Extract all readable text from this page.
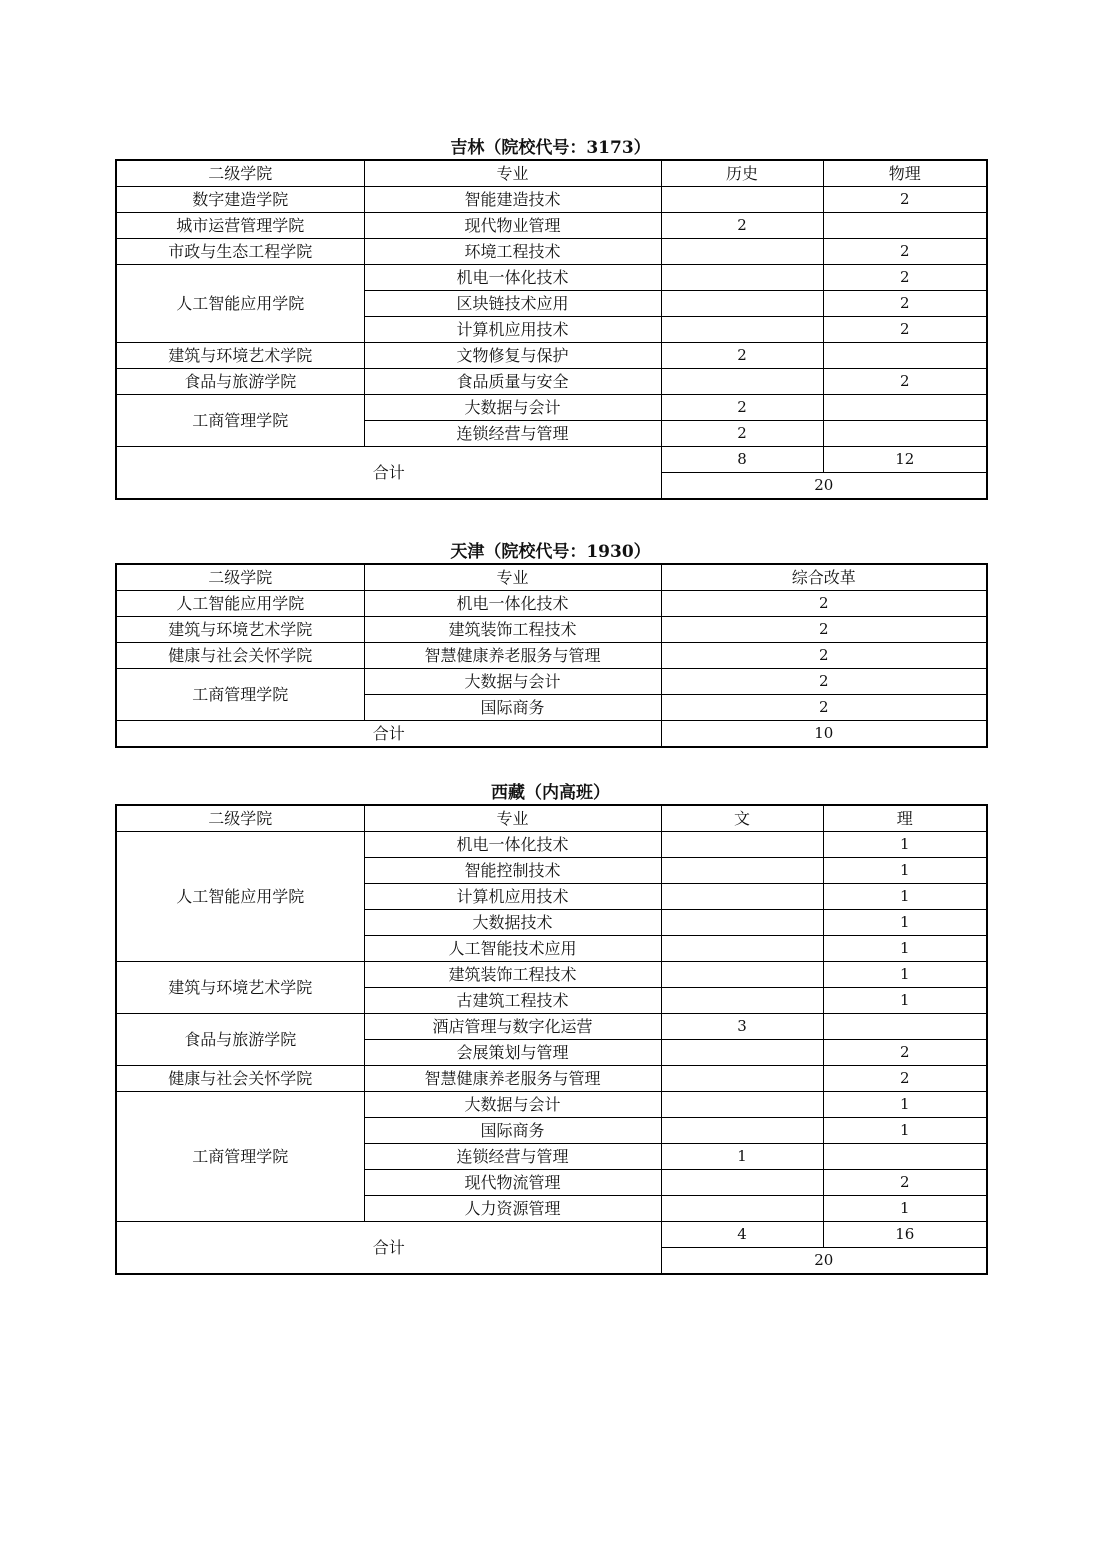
吉林（院校代号：3173）
二级学院	专业	历史	物理
数字建造学院	智能建造技术		2
城市运营管理学院	现代物业管理	2	
市政与生态工程学院	环境工程技术		2
人工智能应用学院	机电一体化技术		2
	区块链技术应用		2
	计算机应用技术		2
建筑与环境艺术学院	文物修复与保护	2	
食品与旅游学院	食品质量与安全		2
工商管理学院	大数据与会计	2	
	连锁经营与管理	2	
合计		8	12
		20	
天津（院校代号：1930）
二级学院	专业	综合改革
人工智能应用学院	机电一体化技术	2
建筑与环境艺术学院	建筑装饰工程技术	2
健康与社会关怀学院	智慧健康养老服务与管理	2
工商管理学院	大数据与会计	2
	国际商务	2
合计		10
西藏（内高班）
二级学院	专业	文	理
人工智能应用学院	机电一体化技术		1
	智能控制技术		1
	计算机应用技术		1
	大数据技术		1
	人工智能技术应用		1
建筑与环境艺术学院	建筑装饰工程技术		1
	古建筑工程技术		1
食品与旅游学院	酒店管理与数字化运营	3	
	会展策划与管理		2
健康与社会关怀学院	智慧健康养老服务与管理		2
工商管理学院	大数据与会计		1
	国际商务		1
	连锁经营与管理	1	
	现代物流管理		2
	人力资源管理		1
合计		4	16
		20	
